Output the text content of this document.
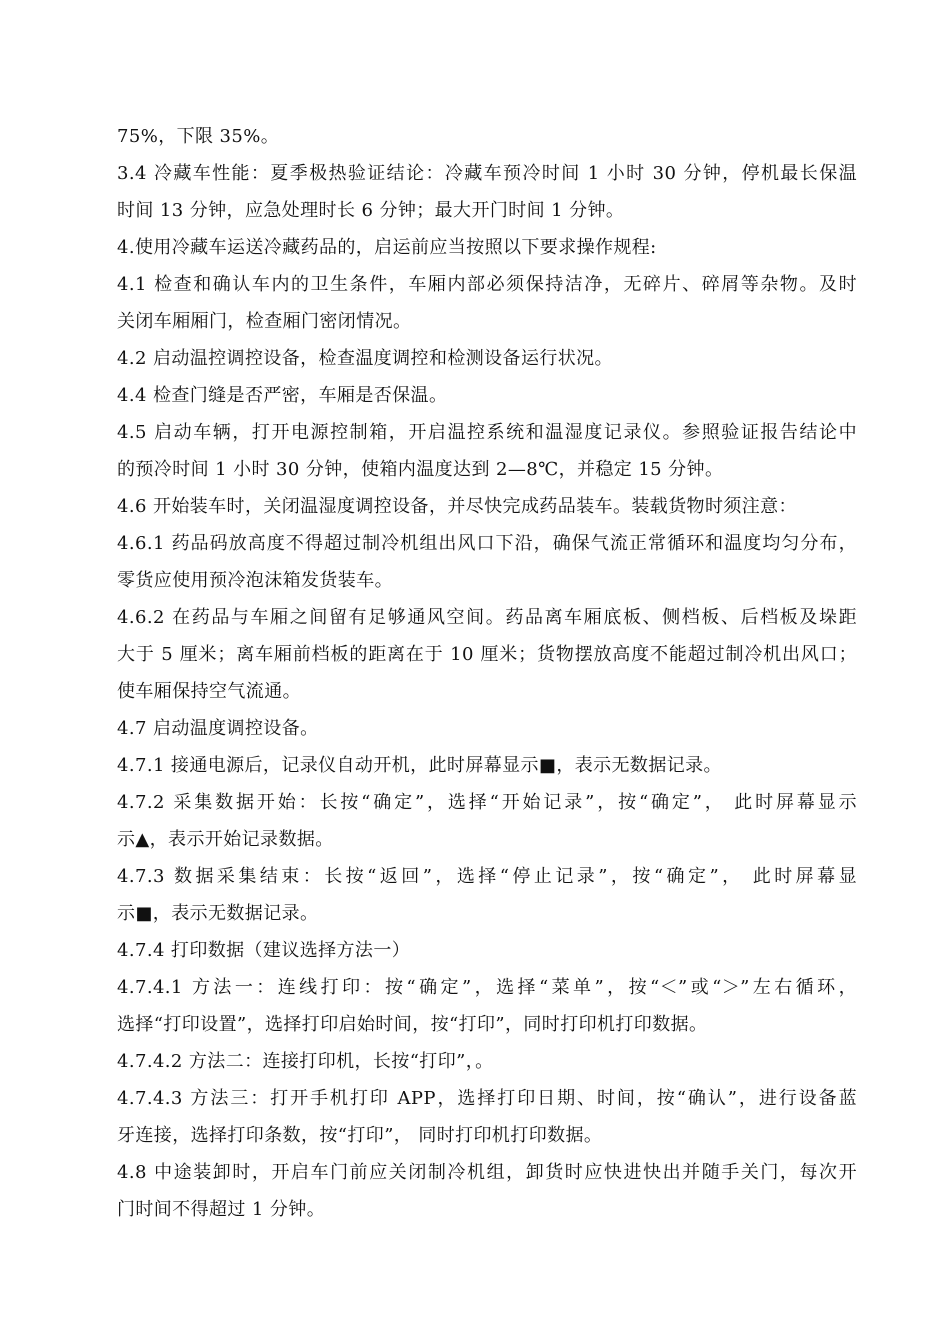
75%，下限 35%。
3.4 冷藏车性能：夏季极热验证结论：冷藏车预冷时间 1 小时 30 分钟，停机最长保温
时间 13 分钟，应急处理时长 6 分钟；最大开门时间 1 分钟。
4.使用冷藏车运送冷藏药品的，启运前应当按照以下要求操作规程:
4.1 检查和确认车内的卫生条件，车厢内部必须保持洁净，无碎片、碎屑等杂物。及时
关闭车厢厢门，检查厢门密闭情况。
4.2 启动温控调控设备，检查温度调控和检测设备运行状况。
4.4 检查门缝是否严密，车厢是否保温。
4.5 启动车辆，打开电源控制箱，开启温控系统和温湿度记录仪。参照验证报告结论中
的预冷时间 1 小时 30 分钟，使箱内温度达到 2—8℃，并稳定 15 分钟。
4.6 开始装车时，关闭温湿度调控设备，并尽快完成药品装车。装载货物时须注意：
4.6.1 药品码放高度不得超过制冷机组出风口下沿，确保气流正常循环和温度均匀分布，
零货应使用预冷泡沫箱发货装车。
4.6.2 在药品与车厢之间留有足够通风空间。药品离车厢底板、侧档板、后档板及垛距
大于 5 厘米；离车厢前档板的距离在于 10 厘米；货物摆放高度不能超过制冷机出风口；
使车厢保持空气流通。
4.7 启动温度调控设备。
4.7.1 接通电源后，记录仪自动开机，此时屏幕显示■，表示无数据记录。
4.7.2 采集数据开始：长按“确定”，选择“开始记录”，按“确定”， 此时屏幕显示
示▲，表示开始记录数据。
4.7.3 数据采集结束：长按“返回”，选择“停止记录”，按“确定”， 此时屏幕显
示■，表示无数据记录。
4.7.4 打印数据（建议选择方法一）
4.7.4.1 方法一：连线打印：按“确定”，选择“菜单”，按“＜”或“＞”左右循环，
选择“打印设置”，选择打印启始时间，按“打印”，同时打印机打印数据。
4.7.4.2 方法二：连接打印机，长按“打印”，。
4.7.4.3 方法三：打开手机打印 APP，选择打印日期、时间，按“确认”，进行设备蓝
牙连接，选择打印条数，按“打印”， 同时打印机打印数据。
4.8 中途装卸时，开启车门前应关闭制冷机组，卸货时应快进快出并随手关门，每次开
门时间不得超过 1 分钟。
